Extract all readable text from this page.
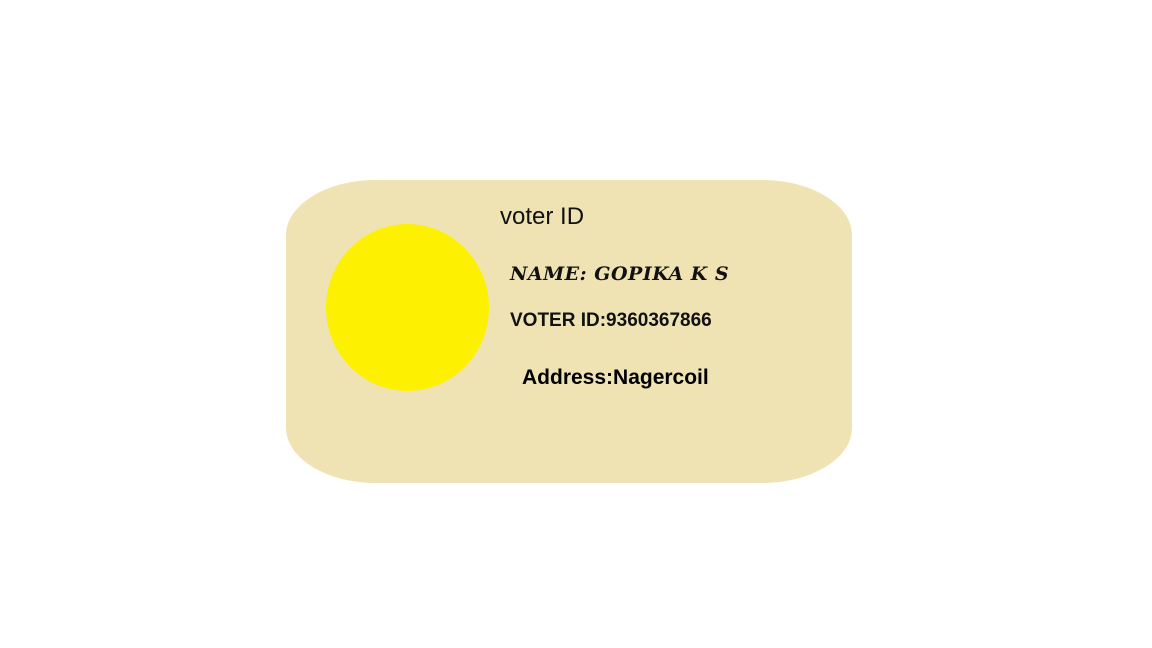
voter ID
NAME: GOPIKA K S
VOTER ID:9360367866
Address:Nagercoil
